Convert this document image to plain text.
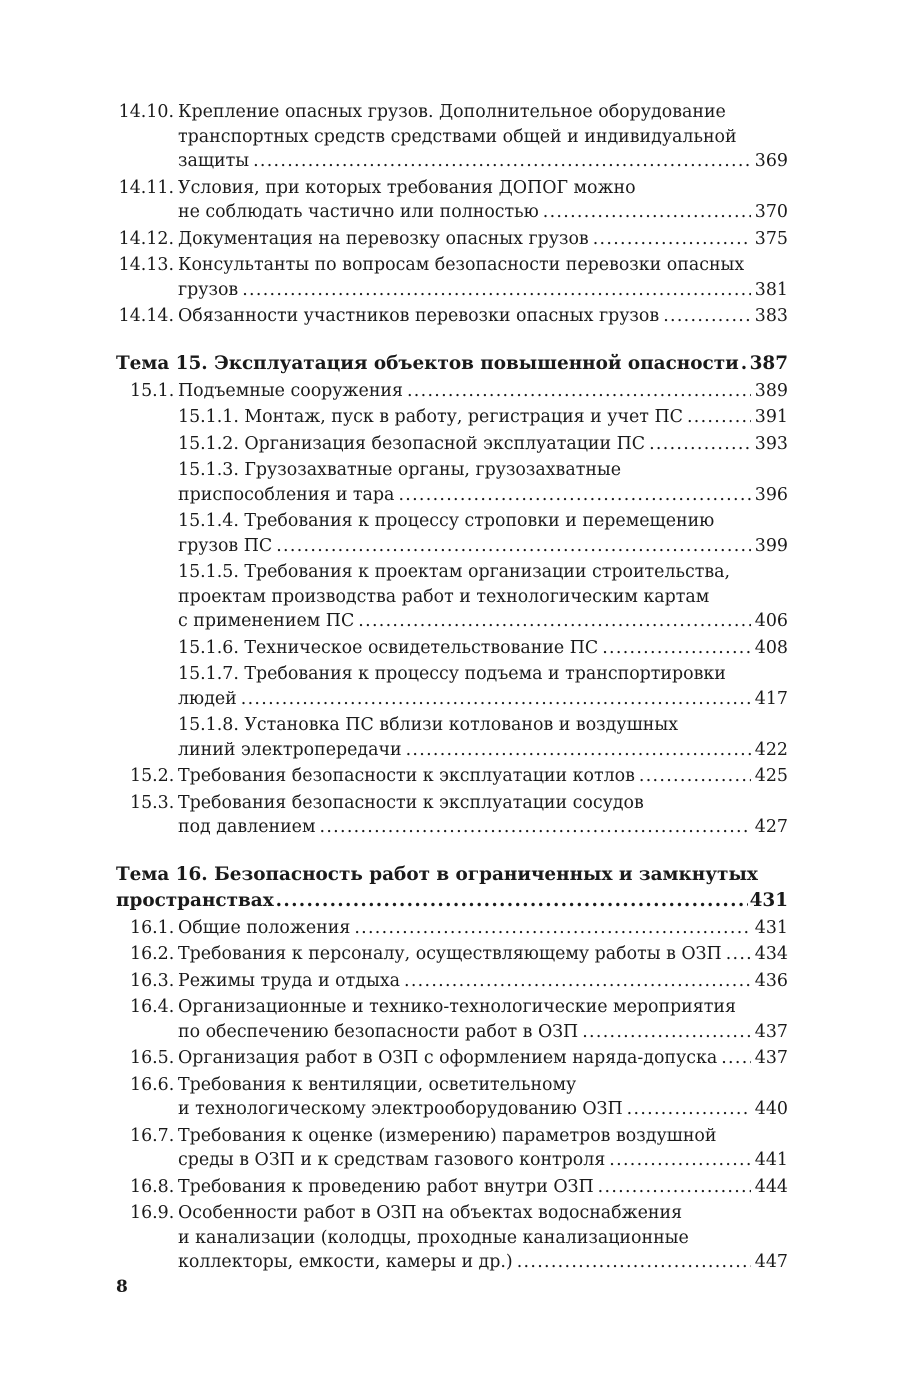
14.10. Крепление опасных грузов. Дополнительное оборудование
транспортных средств средствами общей и индивидуальной
защиты .....	369
14.11. Условия, при которых требования ДОПОГ можно
не соблюдать частично или полностью .....	370
14.12. Документация на перевозку опасных грузов .....	375
14.13. Консультанты по вопросам безопасности перевозки опасных
грузов .....	381
14.14. Обязанности участников перевозки опасных грузов .....	383
Тема 15. Эксплуатация объектов повышенной опасности ..... 387
15.1. Подъемные сооружения .....	389
15.1.1. Монтаж, пуск в работу, регистрация и учет ПС .....	391
15.1.2. Организация безопасной эксплуатации ПС .....	393
15.1.3. Грузозахватные органы, грузозахватные
приспособления и тара .....	396
15.1.4. Требования к процессу строповки и перемещению
грузов ПС .....	399
15.1.5. Требования к проектам организации строительства,
проектам производства работ и технологическим картам
с применением ПС .....	406
15.1.6. Техническое освидетельствование ПС .....	408
15.1.7. Требования к процессу подъема и транспортировки
людей .....	417
15.1.8. Установка ПС вблизи котлованов и воздушных
линий электропередачи .....	422
15.2. Требования безопасности к эксплуатации котлов .....	425
15.3. Требования безопасности к эксплуатации сосудов
под давлением .....	427
Тема 16. Безопасность работ в ограниченных и замкнутых
пространствах .....	431
16.1. Общие положения .....	431
16.2. Требования к персоналу, осуществляющему работы в ОЗП ..... 434
16.3. Режимы труда и отдыха .....	436
16.4. Организационные и технико-технологические мероприятия
по обеспечению безопасности работ в ОЗП .....	437
16.5. Организация работ в ОЗП с оформлением наряда-допуска ..... 437
16.6. Требования к вентиляции, осветительному
и технологическому электрооборудованию ОЗП .....	440
16.7. Требования к оценке (измерению) параметров воздушной
среды в ОЗП и к средствам газового контроля .....	441
16.8. Требования к проведению работ внутри ОЗП .....	444
16.9. Особенности работ в ОЗП на объектах водоснабжения
и канализации (колодцы, проходные канализационные
коллекторы, емкости, камеры и др.) .....	447
8
